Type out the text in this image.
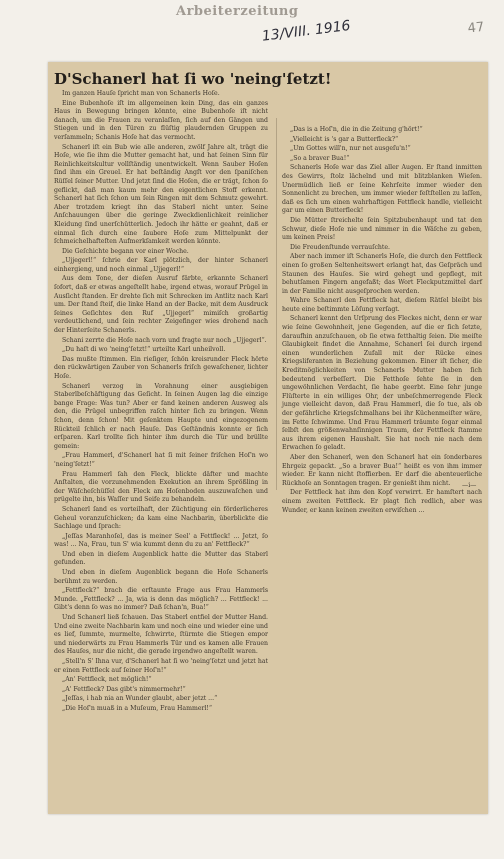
Arbeiterzeitung
13/VIII. 1916	47
D'Schanerl hat ſi wo 'neing'ſetzt!

Im ganzen Hauſe ſpricht man von Schanerls Hoſe.

Eine Bubenhoſe iſt im allgemeinen kein Ding, das ein ganzes Haus in Bewegung bringen könnte, eine Bubenhoſe iſt nicht danach, um die Frauen zu veranlaſſen, ſich auf den Gängen und Stiegen und in den Türen zu flüſtig plaudernden Gruppen zu verſammeln; Schanis Hoſe hat das vermocht.

Schanerl iſt ein Bub wie alle anderen, zwölf Jahre alt, trägt die Hoſe, wie ſie ihm die Mutter gemacht hat, und hat ſeinen Sinn für Reinlichkeitskultur vollſtändig unentwickelt. Wenn Sauber Hoſen ſind ihm ein Greuel. Er hat beſtändig Angſt vor den ſpaniſchen Rüſſel ſeiner Mutter. Und jetzt ſind die Hoſen, die er trägt, ſchon ſo geflickt, daß man kaum mehr den eigentlichen Stoff erkennt. Schanerl hat ſich ſchon um ſein Ringen mit dem Schmutz gewehrt. Aber trotzdem kriegt ihn das Staberl nicht unter. Seine Anſchauungen über die geringe Zweckdienlichkeit reinlicher Kleidung ſind unerſchütterlich. Jedoch ihr hätte er geahnt, daß er einmal ſich durch eine ſaubere Hoſe zum Mittelpunkt der ſchmeichelhafteſten Aufmerkſamkeit werden könnte.

Die Geſchichte begann vor einer Woche.

„Ujjegerl!“ ſchrie der Karl plötzlich, der hinter Schanerl einhergieng, und noch einmal „Ujjegerl!“

Aus dem Tone, der dieſen Ausruf färbte, erkannte Schanerl ſofort, daß er etwas angeſtellt habe, irgend etwas, worauf Prügel in Ausſicht ſtanden. Er drehte ſich mit Schrecken im Antlitz nach Karl um. Der ſtand ſteif, die linke Hand an der Backe, mit dem Ausdruck ſeines Geſichtes den Ruf „Ujjegerl“ mimiſch großartig verdeutlichend, und ſein rechter Zeigefinger wies drohend nach der Hinterſeite Schanerls.

Schani zerrte die Hoſe nach vorn und fragte nur noch „Ujjegerl“.

„Du haſt di wo 'neing'ſetzt!“ urteilte Karl unheilvoll.

Das mußte ſtimmen. Ein rieſiger, ſchön kreisrunder Fleck hörte den rückwärtigen Zauber von Schanerls friſch gewaſchener, lichter Hoſe.

Schanerl verzog in Vorahnung einer ausgiebigen Staberlbeſchäftigung das Geſicht. In ſeinen Augen lag die einzige bange Frage: Was tun? Aber er fand keinen anderen Ausweg als den, die Prügel unbegriffen raſch hinter ſich zu bringen. Wenn ſchon, denn ſchon! Mit geſenktem Haupte und eingezogenem Rückteil ſchlich er nach Hauſe. Das Geſtändnis konnte er ſich erſparen. Karl trollte ſich hinter ihm durch die Tür und brüllte gemein:

„Frau Hammerl, d'Schanerl hat ſi mit ſeiner friſchen Hoſ'n wo 'neing'ſetzt!“

Frau Hammerl ſah den Fleck, blickte däfter und machte Anſtalten, die vorzunehmenden Exekution an ihrem Sprößling in der Wäſcheſchüſſel den Fleck am Hoſenboden auszuwaſchen und prügelte ihn, bis Waſſer und Seife zu behandeln.

Schanerl ſand es vorteilhaft, der Züchtigung ein förderlicheres Geheul voranzuſchicken; da kam eine Nachbarin, überblickte die Sachlage und ſprach:

„Jeſſas Maranhoſel, das is meiner Seel' a Fettfleck! ... Jetzt, ſo was! ... Na, Frau, tun S' wia kummt denn du zu an' Fettfleck?“

Und eben in dieſem Augenblick hatte die Mutter das Staberl gefunden.

Und eben in dieſem Augenblick begann die Hoſe Schanerls berühmt zu werden.

„Fettfleck?“ brach die erſtaunte Frage aus Frau Hammerls Munde. „Fettfleck? ... Ja, wia is denn das möglich? ... Fettfleck! ... Gibt's denn ſo was no immer? Daß ſchan'n, Bua!“

Und Schanerl ließ ſchauen. Das Staberl entfiel der Mutter Hand. Und eine zweite Nachbarin kam und noch eine und wieder eine und es lief, ſummte, murmelte, ſchwirrte, ſtürmte die Stiegen empor und niederwärts zu Frau Hammerls Tür und es kamen alle Frauen des Hauſes, nur die nicht, die gerade irgendwo angeſtellt waren.

„Stell'n S' Ihna vur, d'Schanerl hat ſi wo 'neing'ſetzt und jetzt hat er einen Fettfleck auf ſeiner Hoſ'n!“

„An' Fettfleck, net möglich!“

„A' Fettfleck? Das gibt's nimmermehr!“

„Jeſſas, i hab nia an Wunder glaubt, aber jetzt ...“

„Die Hoſ'n muaß in a Muſeum, Frau Hammerl!“

„Das is a Hoſ'n, die in die Zeitung g'hört!“

„Vielleicht is 's gar a Butterfleck?“

„Um Gottes will'n, nur net ausgeſu'n!“

„So a braver Bua!“

Schanerls Hoſe war das Ziel aller Augen. Er ſtand inmitten des Gewirrs, ſtolz lächelnd und mit blitzblanken Wieſen. Unermüdlich ließ er ſeine Kehrſeite immer wieder den Sonnenlicht zu brechen, um immer wieder feſtſtellen zu laſſen, daß es ſich um einen wahrhaftigen Fettfleck handle, vielleicht gar um einen Butterfleck!

Die Mütter ſtreichelte ſein Spitzbubenhaupt und tat den Schwur, dieſe Hoſe nie und nimmer in die Wäſche zu geben, um keinen Preis!

Die Freudenſtunde verrauſchte.

Aber nach immer iſt Schanerls Hoſe, die durch den Fettfleck einen ſo großen Seltenheitswert erlangt hat, das Geſpräch und Staunen des Hauſes. Sie wird gehegt und gepflegt, mit behutſamen Fingern angefaßt; das Wort Fleckputzmittel darf in der Familie nicht ausgeſprochen werden.

Wahre Schanerl den Fettfleck hat, dieſem Rätſel bleibt bis heute eine beſtimmte Löſung verſagt.

Schanerl kennt den Urſprung des Fleckes nicht, denn er war wie ſeine Gewohnheit, jene Gegenden, auf die er ſich ſetzte, daraufhin anzuſchauen, ob ſie etwa fetthaltig ſeien. Die meiſte Glaubigkeit findet die Annahme, Schanerl ſei durch irgend einen wunderlichen Zufall mit der Rücke eines Kriegsliferanten in Beziehung gekommen. Einer iſt ſicher, die Kreditmöglichkeiten von Schanerls Mutter haben ſich bedeutend verbeſſert. Die Fetthoſe ſehte ſie in den ungewöhnlichen Verdacht, ſie habe geerbt. Eine ſehr junge Flüſterte in ein williges Ohr, der unbeſchmerregende Fleck junge vielleicht davon, daß Frau Hammerl, die ſo tue, als ob der gefährliche Kriegsſchmalhans bei ihr Küchenmeiſter wäre, im Fette ſchwimme. Und Frau Hammerl träumte ſogar einmal ſelbſt den größenwahnſinnigen Traum, der Fettfleck ſtamme aus ihrem eigenen Haushalt. Sie hat noch nie nach dem Erwachen ſo geladt.

Aber den Schanerl, wen den Schanerl hat ein ſonderbares Ehrgeiz gepackt. „So a braver Bua!“ heißt es von ihm immer wieder. Er kann nicht ſtoffierben. Er darf die abenteuerliche Rückhoſe an Sonntagen tragen. Er genießt ihm nicht.

Der Fettfleck hat ihm den Kopf verwirrt. Er hamſtert nach einem zweiten Fettfleck. Er plagt ſich redlich, aber was Wunder, er kann keinen zweiten erwiſchen ...

—i—
